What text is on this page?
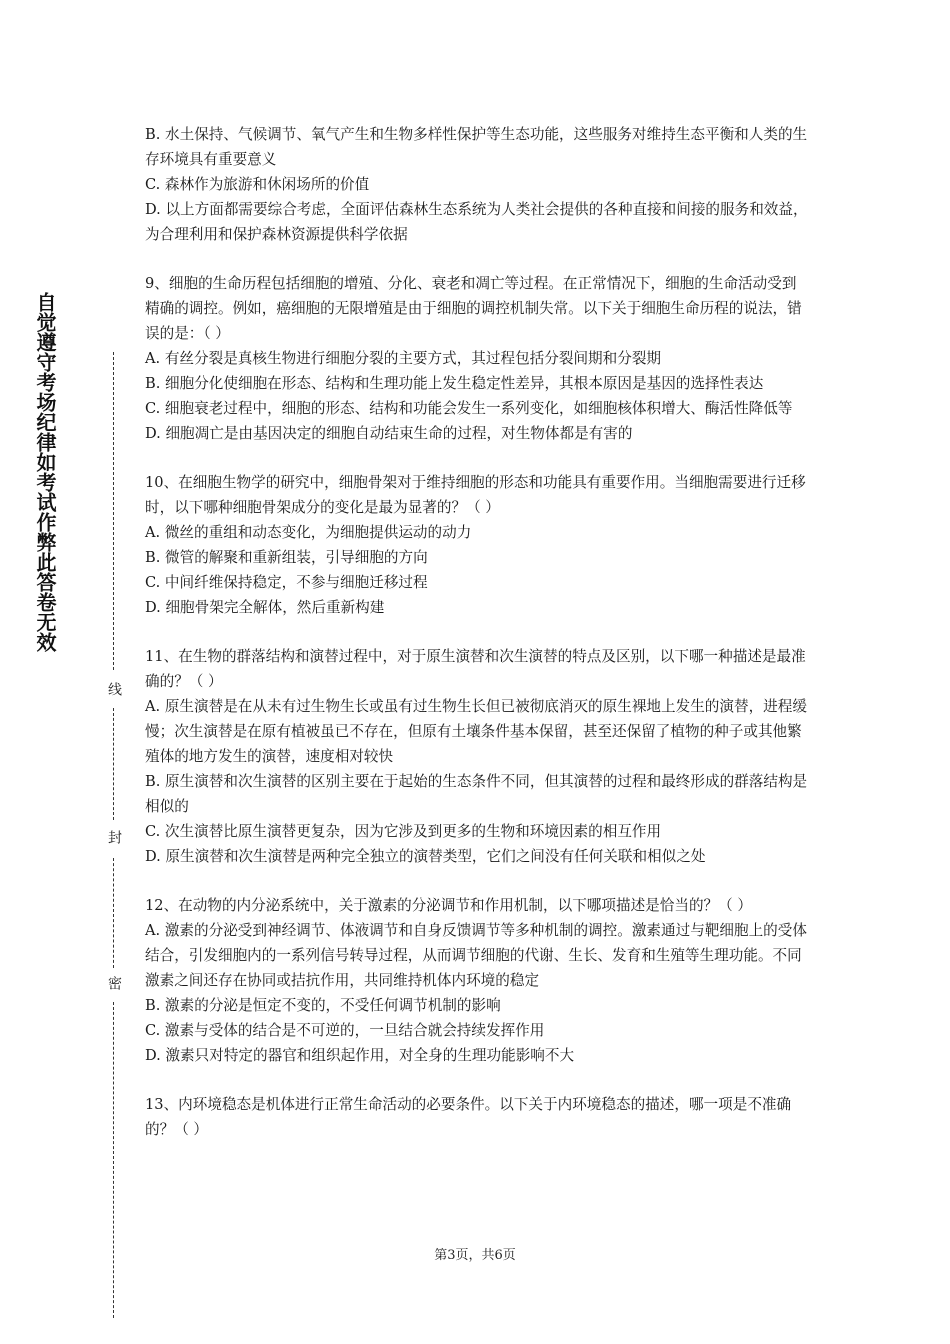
自觉遵守考场纪律如考试作弊此答卷无效
线
封
密

B. 水土保持、气候调节、氧气产生和生物多样性保护等生态功能，这些服务对维持生态平衡和人类的生存环境具有重要意义

C. 森林作为旅游和休闲场所的价值

D. 以上方面都需要综合考虑，全面评估森林生态系统为人类社会提供的各种直接和间接的服务和效益，为合理利用和保护森林资源提供科学依据

9、细胞的生命历程包括细胞的增殖、分化、衰老和凋亡等过程。在正常情况下，细胞的生命活动受到精确的调控。例如，癌细胞的无限增殖是由于细胞的调控机制失常。以下关于细胞生命历程的说法，错误的是：（ ）

A. 有丝分裂是真核生物进行细胞分裂的主要方式，其过程包括分裂间期和分裂期

B. 细胞分化使细胞在形态、结构和生理功能上发生稳定性差异，其根本原因是基因的选择性表达

C. 细胞衰老过程中，细胞的形态、结构和功能会发生一系列变化，如细胞核体积增大、酶活性降低等

D. 细胞凋亡是由基因决定的细胞自动结束生命的过程，对生物体都是有害的

10、在细胞生物学的研究中，细胞骨架对于维持细胞的形态和功能具有重要作用。当细胞需要进行迁移时，以下哪种细胞骨架成分的变化是最为显著的？（ ）

A. 微丝的重组和动态变化，为细胞提供运动的动力

B. 微管的解聚和重新组装，引导细胞的方向

C. 中间纤维保持稳定，不参与细胞迁移过程

D. 细胞骨架完全解体，然后重新构建

11、在生物的群落结构和演替过程中，对于原生演替和次生演替的特点及区别，以下哪一种描述是最准确的？（ ）

A. 原生演替是在从未有过生物生长或虽有过生物生长但已被彻底消灭的原生裸地上发生的演替，进程缓慢；次生演替是在原有植被虽已不存在，但原有土壤条件基本保留，甚至还保留了植物的种子或其他繁殖体的地方发生的演替，速度相对较快

B. 原生演替和次生演替的区别主要在于起始的生态条件不同，但其演替的过程和最终形成的群落结构是相似的

C. 次生演替比原生演替更复杂，因为它涉及到更多的生物和环境因素的相互作用

D. 原生演替和次生演替是两种完全独立的演替类型，它们之间没有任何关联和相似之处

12、在动物的内分泌系统中，关于激素的分泌调节和作用机制，以下哪项描述是恰当的？（ ）

A. 激素的分泌受到神经调节、体液调节和自身反馈调节等多种机制的调控。激素通过与靶细胞上的受体结合，引发细胞内的一系列信号转导过程，从而调节细胞的代谢、生长、发育和生殖等生理功能。不同激素之间还存在协同或拮抗作用，共同维持机体内环境的稳定

B. 激素的分泌是恒定不变的，不受任何调节机制的影响

C. 激素与受体的结合是不可逆的，一旦结合就会持续发挥作用

D. 激素只对特定的器官和组织起作用，对全身的生理功能影响不大

13、内环境稳态是机体进行正常生命活动的必要条件。以下关于内环境稳态的描述，哪一项是不准确的？（ ）

第3页，共6页
